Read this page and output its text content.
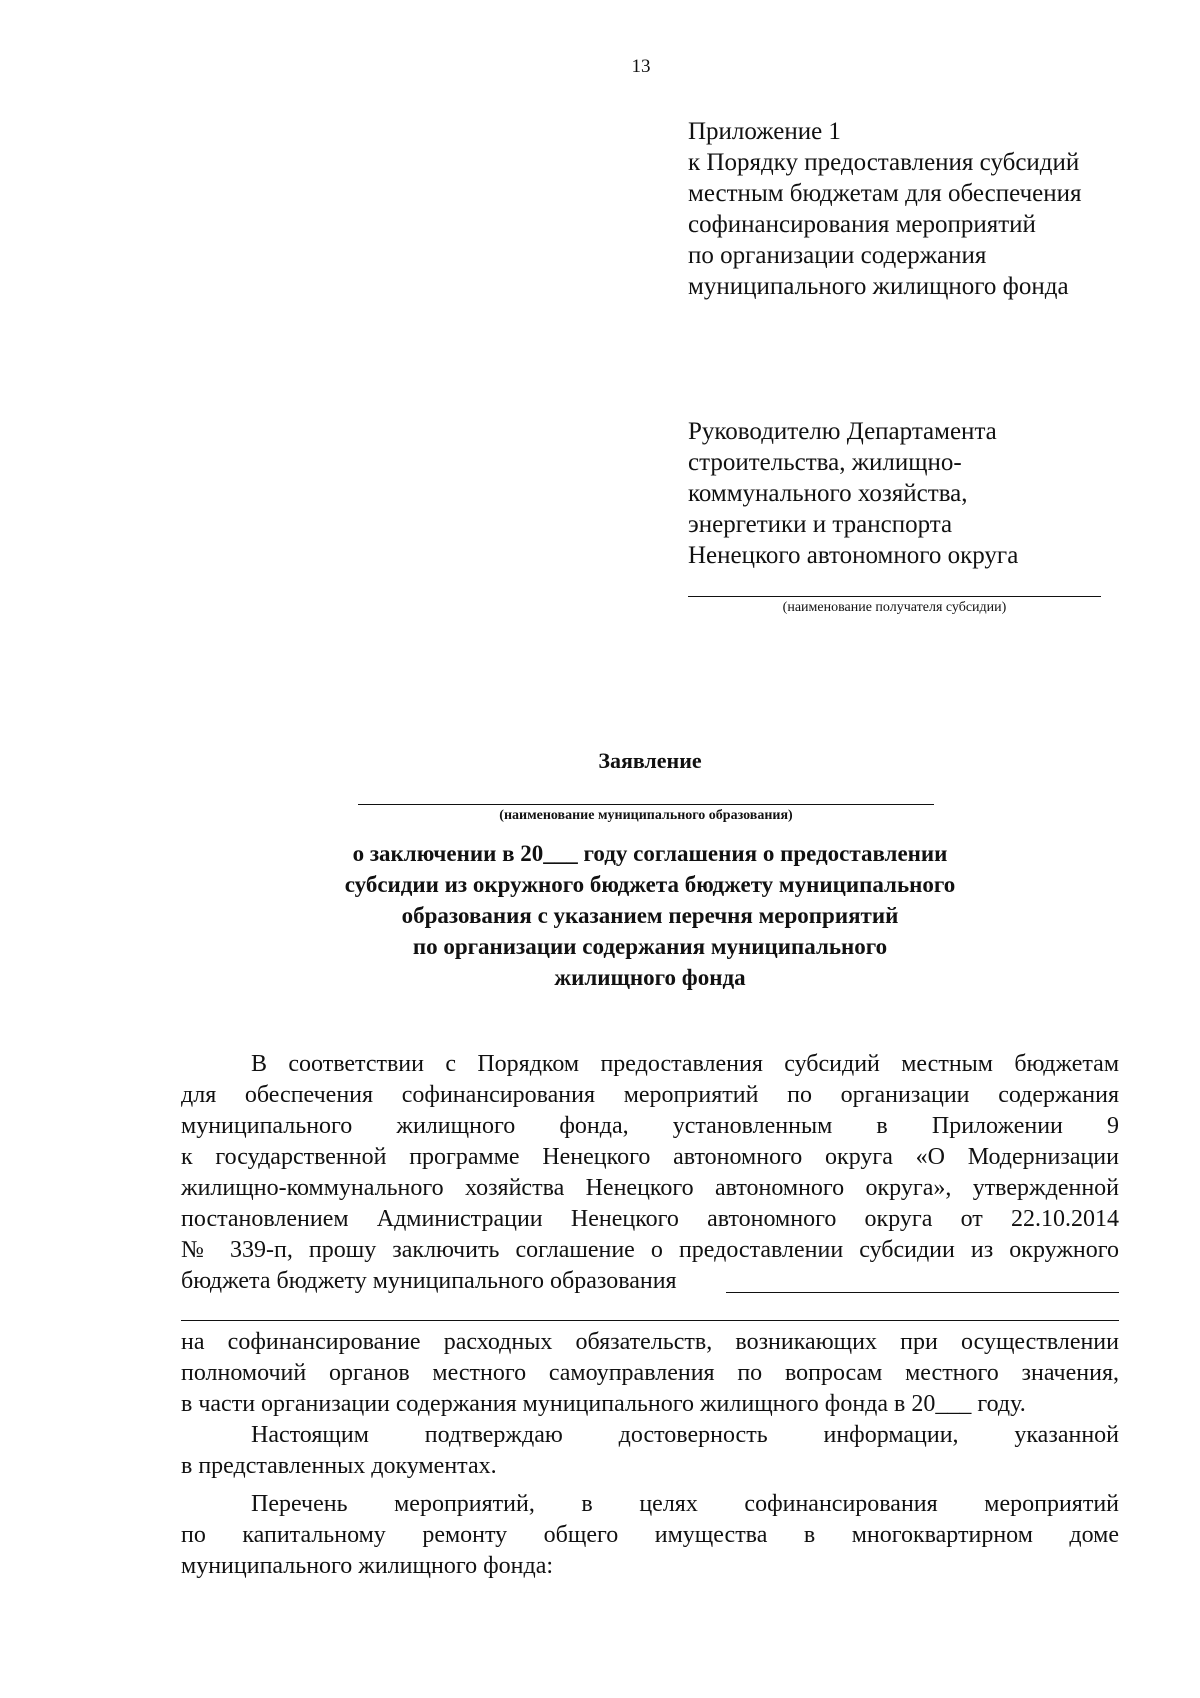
13
Приложение 1
к Порядку предоставления субсидий
местным бюджетам для обеспечения
софинансирования мероприятий
по организации содержания
муниципального жилищного фонда
Руководителю Департамента
строительства, жилищно-
коммунального хозяйства,
энергетики и транспорта
Ненецкого автономного округа
(наименование получателя субсидии)
Заявление
(наименование муниципального образования)
о заключении в 20___ году соглашения о предоставлении
субсидии из окружного бюджета бюджету муниципального
образования с указанием перечня мероприятий
по организации содержания муниципального
жилищного фонда
В соответствии с Порядком предоставления субсидий местным бюджетам
для обеспечения софинансирования мероприятий по организации содержания
муниципального жилищного фонда, установленным в Приложении 9
к государственной программе Ненецкого автономного округа «О Модернизации
жилищно-коммунального хозяйства Ненецкого автономного округа», утвержденной
постановлением Администрации Ненецкого автономного округа от 22.10.2014
№ 339-п, прошу заключить соглашение о предоставлении субсидии из окружного
бюджета бюджету муниципального образования
на софинансирование расходных обязательств, возникающих при осуществлении
полномочий органов местного самоуправления по вопросам местного значения,
в части организации содержания муниципального жилищного фонда в 20___ году.
Настоящим подтверждаю достоверность информации, указанной
в представленных документах.
Перечень мероприятий, в целях софинансирования мероприятий
по капитальному ремонту общего имущества в многоквартирном доме
муниципального жилищного фонда:
